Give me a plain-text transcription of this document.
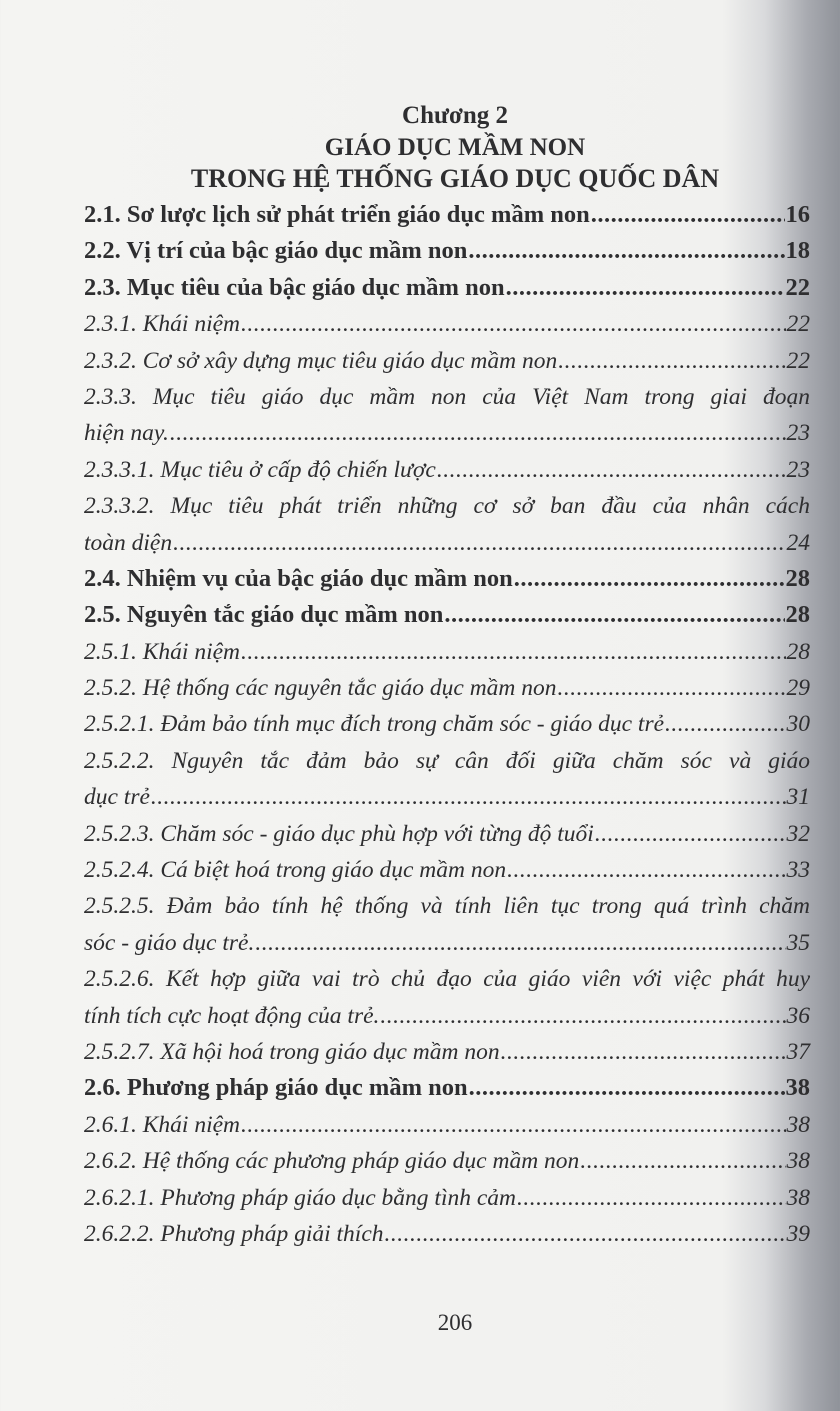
Chương 2
GIÁO DỤC MẦM NON
TRONG HỆ THỐNG GIÁO DỤC QUỐC DÂN
2.1. Sơ lược lịch sử phát triển giáo dục mầm non .....	16
2.2. Vị trí của bậc giáo dục mầm non .....	18
2.3. Mục tiêu của bậc giáo dục mầm non .....	22
2.3.1. Khái niệm .....	22
2.3.2. Cơ sở xây dựng mục tiêu giáo dục mầm non .....	22
2.3.3. Mục tiêu giáo dục mầm non của Việt Nam trong giai đoạn
hiện nay. .....	23
2.3.3.1. Mục tiêu ở cấp độ chiến lược .....	23
2.3.3.2. Mục tiêu phát triển những cơ sở ban đầu của nhân cách
toàn diện .....	24
2.4. Nhiệm vụ của bậc giáo dục mầm non .....	28
2.5. Nguyên tắc giáo dục mầm non .....	28
2.5.1. Khái niệm .....	28
2.5.2. Hệ thống các nguyên tắc giáo dục mầm non .....	29
2.5.2.1. Đảm bảo tính mục đích trong chăm sóc - giáo dục trẻ .....	30
2.5.2.2. Nguyên tắc đảm bảo sự cân đối giữa chăm sóc và giáo
dục trẻ .....	31
2.5.2.3. Chăm sóc - giáo dục phù hợp với từng độ tuổi .....	32
2.5.2.4. Cá biệt hoá trong giáo dục mầm non .....	33
2.5.2.5. Đảm bảo tính hệ thống và tính liên tục trong quá trình chăm
sóc - giáo dục trẻ. .....	35
2.5.2.6. Kết hợp giữa vai trò chủ đạo của giáo viên với việc phát huy
tính tích cực hoạt động của trẻ. .....	36
2.5.2.7. Xã hội hoá trong giáo dục mầm non .....	37
2.6. Phương pháp giáo dục mầm non .....	38
2.6.1. Khái niệm .....	38
2.6.2. Hệ thống các phương pháp giáo dục mầm non .....	38
2.6.2.1. Phương pháp giáo dục bằng tình cảm .....	38
2.6.2.2. Phương pháp giải thích .....	39
206
